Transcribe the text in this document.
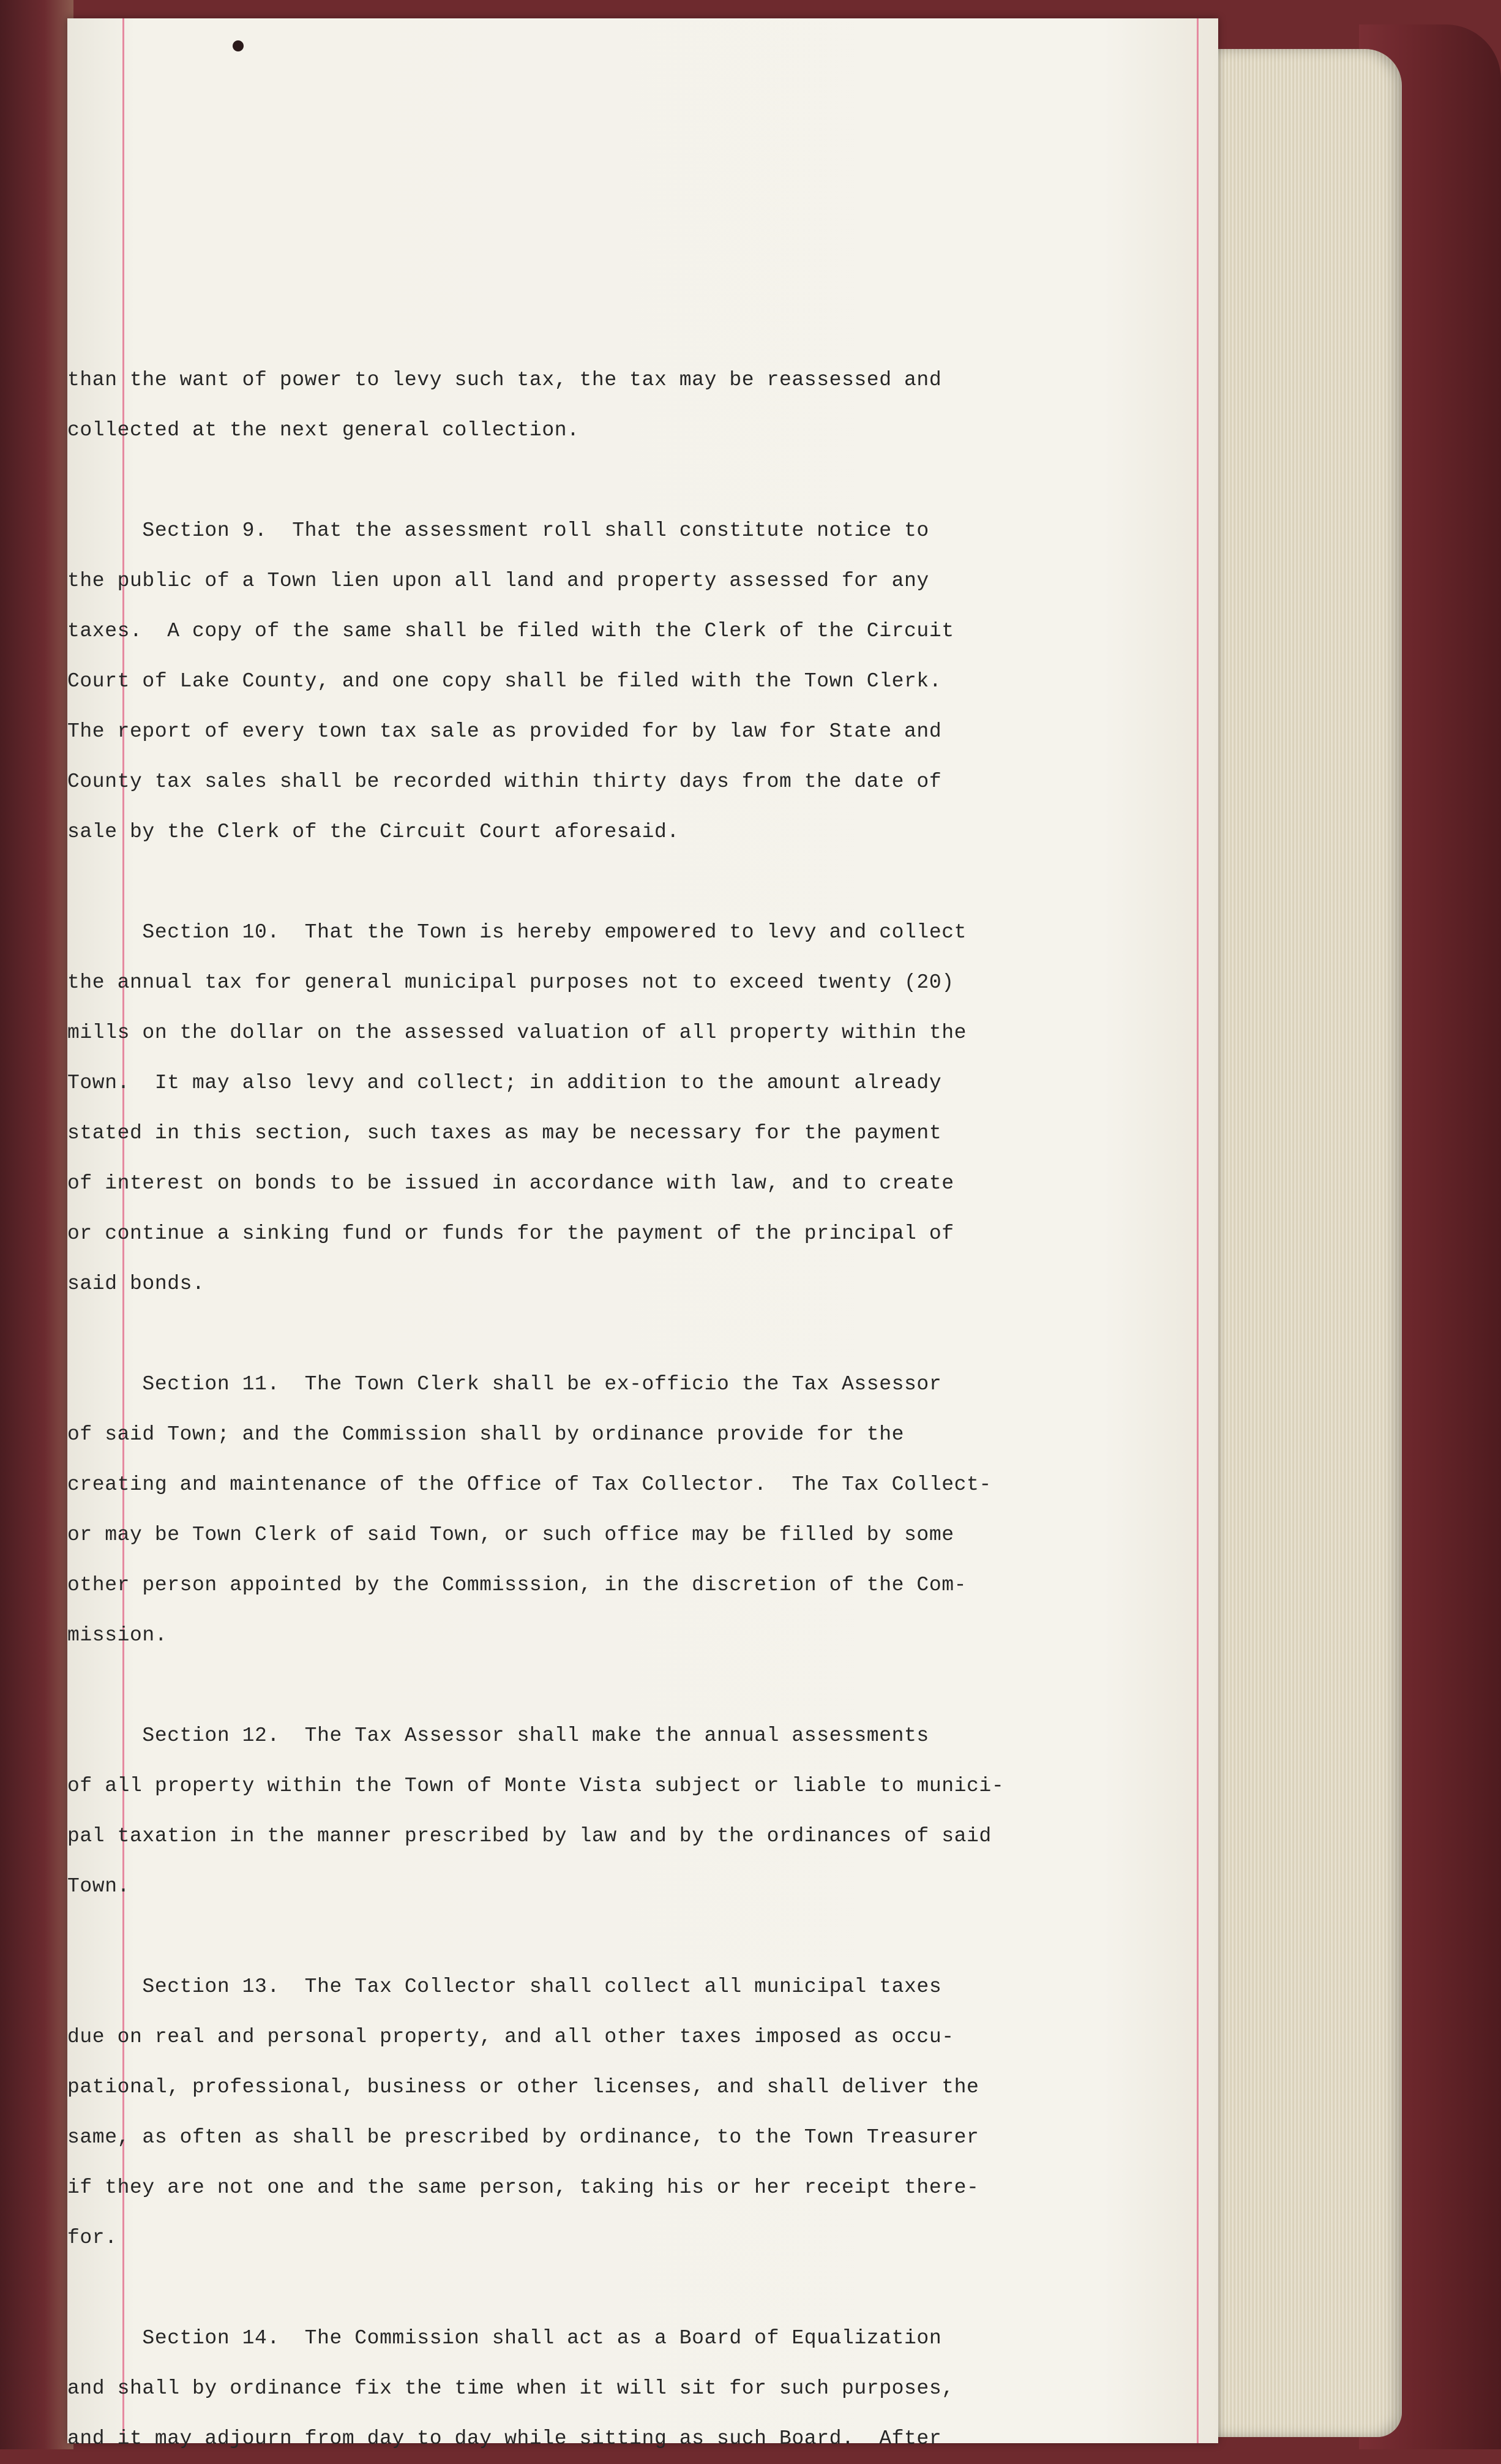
than the want of power to levy such tax, the tax may be reassessed and
collected at the next general collection.
Section 9.  That the assessment roll shall constitute notice to
the public of a Town lien upon all land and property assessed for any
taxes.  A copy of the same shall be filed with the Clerk of the Circuit
Court of Lake County, and one copy shall be filed with the Town Clerk.
The report of every town tax sale as provided for by law for State and
County tax sales shall be recorded within thirty days from the date of
sale by the Clerk of the Circuit Court aforesaid.
Section 10.  That the Town is hereby empowered to levy and collect
the annual tax for general municipal purposes not to exceed twenty (20)
mills on the dollar on the assessed valuation of all property within the
Town.  It may also levy and collect; in addition to the amount already
stated in this section, such taxes as may be necessary for the payment
of interest on bonds to be issued in accordance with law, and to create
or continue a sinking fund or funds for the payment of the principal of
said bonds.
Section 11.  The Town Clerk shall be ex-officio the Tax Assessor
of said Town; and the Commission shall by ordinance provide for the
creating and maintenance of the Office of Tax Collector.  The Tax Collect-
or may be Town Clerk of said Town, or such office may be filled by some
other person appointed by the Commisssion, in the discretion of the Com-
mission.
Section 12.  The Tax Assessor shall make the annual assessments
of all property within the Town of Monte Vista subject or liable to munici-
pal taxation in the manner prescribed by law and by the ordinances of said
Town.
Section 13.  The Tax Collector shall collect all municipal taxes
due on real and personal property, and all other taxes imposed as occu-
pational, professional, business or other licenses, and shall deliver the
same, as often as shall be prescribed by ordinance, to the Town Treasurer
if they are not one and the same person, taking his or her receipt there-
for.
Section 14.  The Commission shall act as a Board of Equalization
and shall by ordinance fix the time when it will sit for such purposes,
and it may adjourn from day to day while sitting as such Board.  After
